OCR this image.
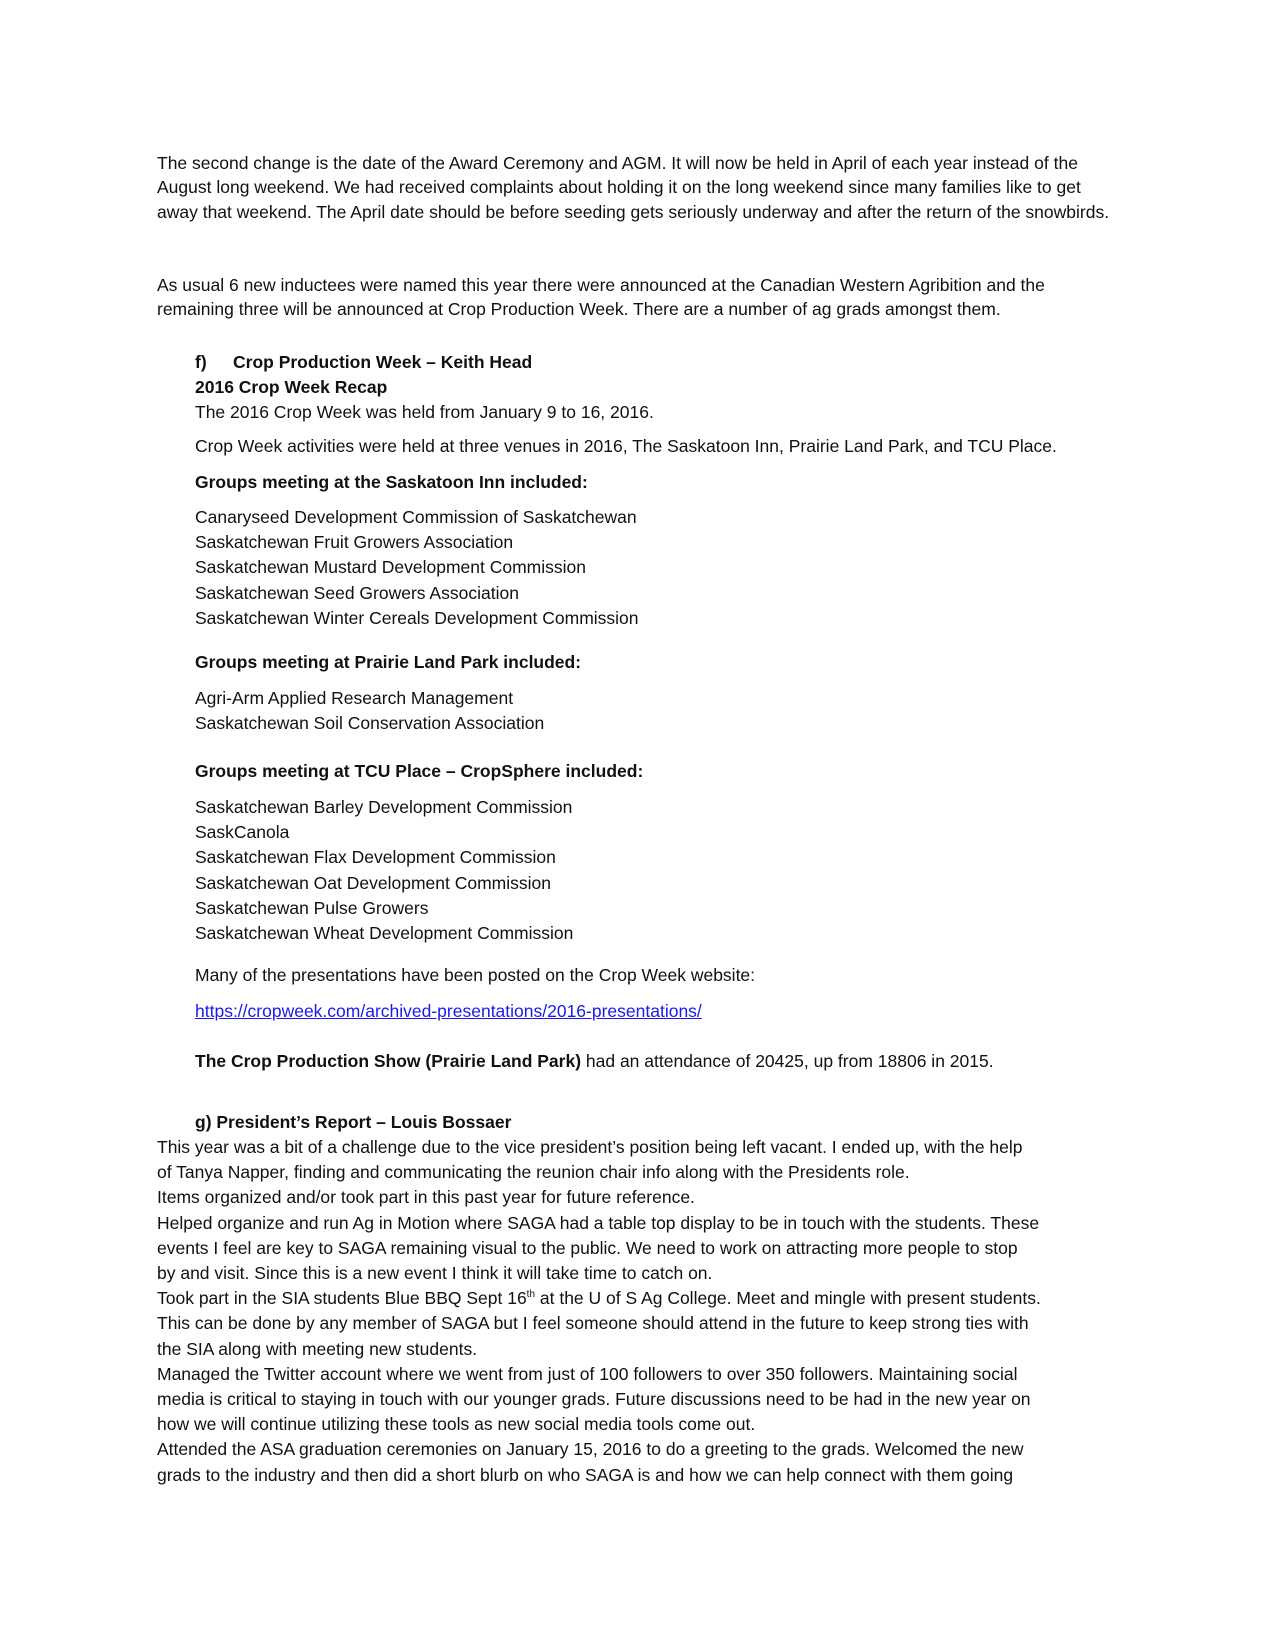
The second change is the date of the Award Ceremony and AGM. It will now be held in April of each year instead of the August long weekend. We had received complaints about holding it on the long weekend since many families like to get away that weekend. The April date should be before seeding gets seriously underway and after the return of the snowbirds.

As usual 6 new inductees were named this year there were announced at the Canadian Western Agribition and the remaining three will be announced at Crop Production Week. There are a number of ag grads amongst them.

f) Crop Production Week – Keith Head
2016 Crop Week Recap

The 2016 Crop Week was held from January 9 to 16, 2016.

Crop Week activities were held at three venues in 2016, The Saskatoon Inn, Prairie Land Park, and TCU Place.

Groups meeting at the Saskatoon Inn included:

Canaryseed Development Commission of Saskatchewan
Saskatchewan Fruit Growers Association
Saskatchewan Mustard Development Commission
Saskatchewan Seed Growers Association
Saskatchewan Winter Cereals Development Commission

Groups meeting at Prairie Land Park included:

Agri-Arm Applied Research Management
Saskatchewan Soil Conservation Association

Groups meeting at TCU Place – CropSphere included:

Saskatchewan Barley Development Commission
SaskCanola
Saskatchewan Flax Development Commission
Saskatchewan Oat Development Commission
Saskatchewan Pulse Growers
Saskatchewan Wheat Development Commission

Many of the presentations have been posted on the Crop Week website:

https://cropweek.com/archived-presentations/2016-presentations/

The Crop Production Show (Prairie Land Park) had an attendance of 20425, up from 18806 in 2015.

g) President’s Report – Louis Bossaer
This year was a bit of a challenge due to the vice president’s position being left vacant. I ended up, with the help
of Tanya Napper, finding and communicating the reunion chair info along with the Presidents role.
Items organized and/or took part in this past year for future reference.
Helped organize and run Ag in Motion where SAGA had a table top display to be in touch with the students. These
events I feel are key to SAGA remaining visual to the public. We need to work on attracting more people to stop
by and visit. Since this is a new event I think it will take time to catch on.
Took part in the SIA students Blue BBQ Sept 16th at the U of S Ag College. Meet and mingle with present students.
This can be done by any member of SAGA but I feel someone should attend in the future to keep strong ties with
the SIA along with meeting new students.
Managed the Twitter account where we went from just of 100 followers to over 350 followers. Maintaining social
media is critical to staying in touch with our younger grads. Future discussions need to be had in the new year on
how we will continue utilizing these tools as new social media tools come out.
Attended the ASA graduation ceremonies on January 15, 2016 to do a greeting to the grads. Welcomed the new
grads to the industry and then did a short blurb on who SAGA is and how we can help connect with them going
